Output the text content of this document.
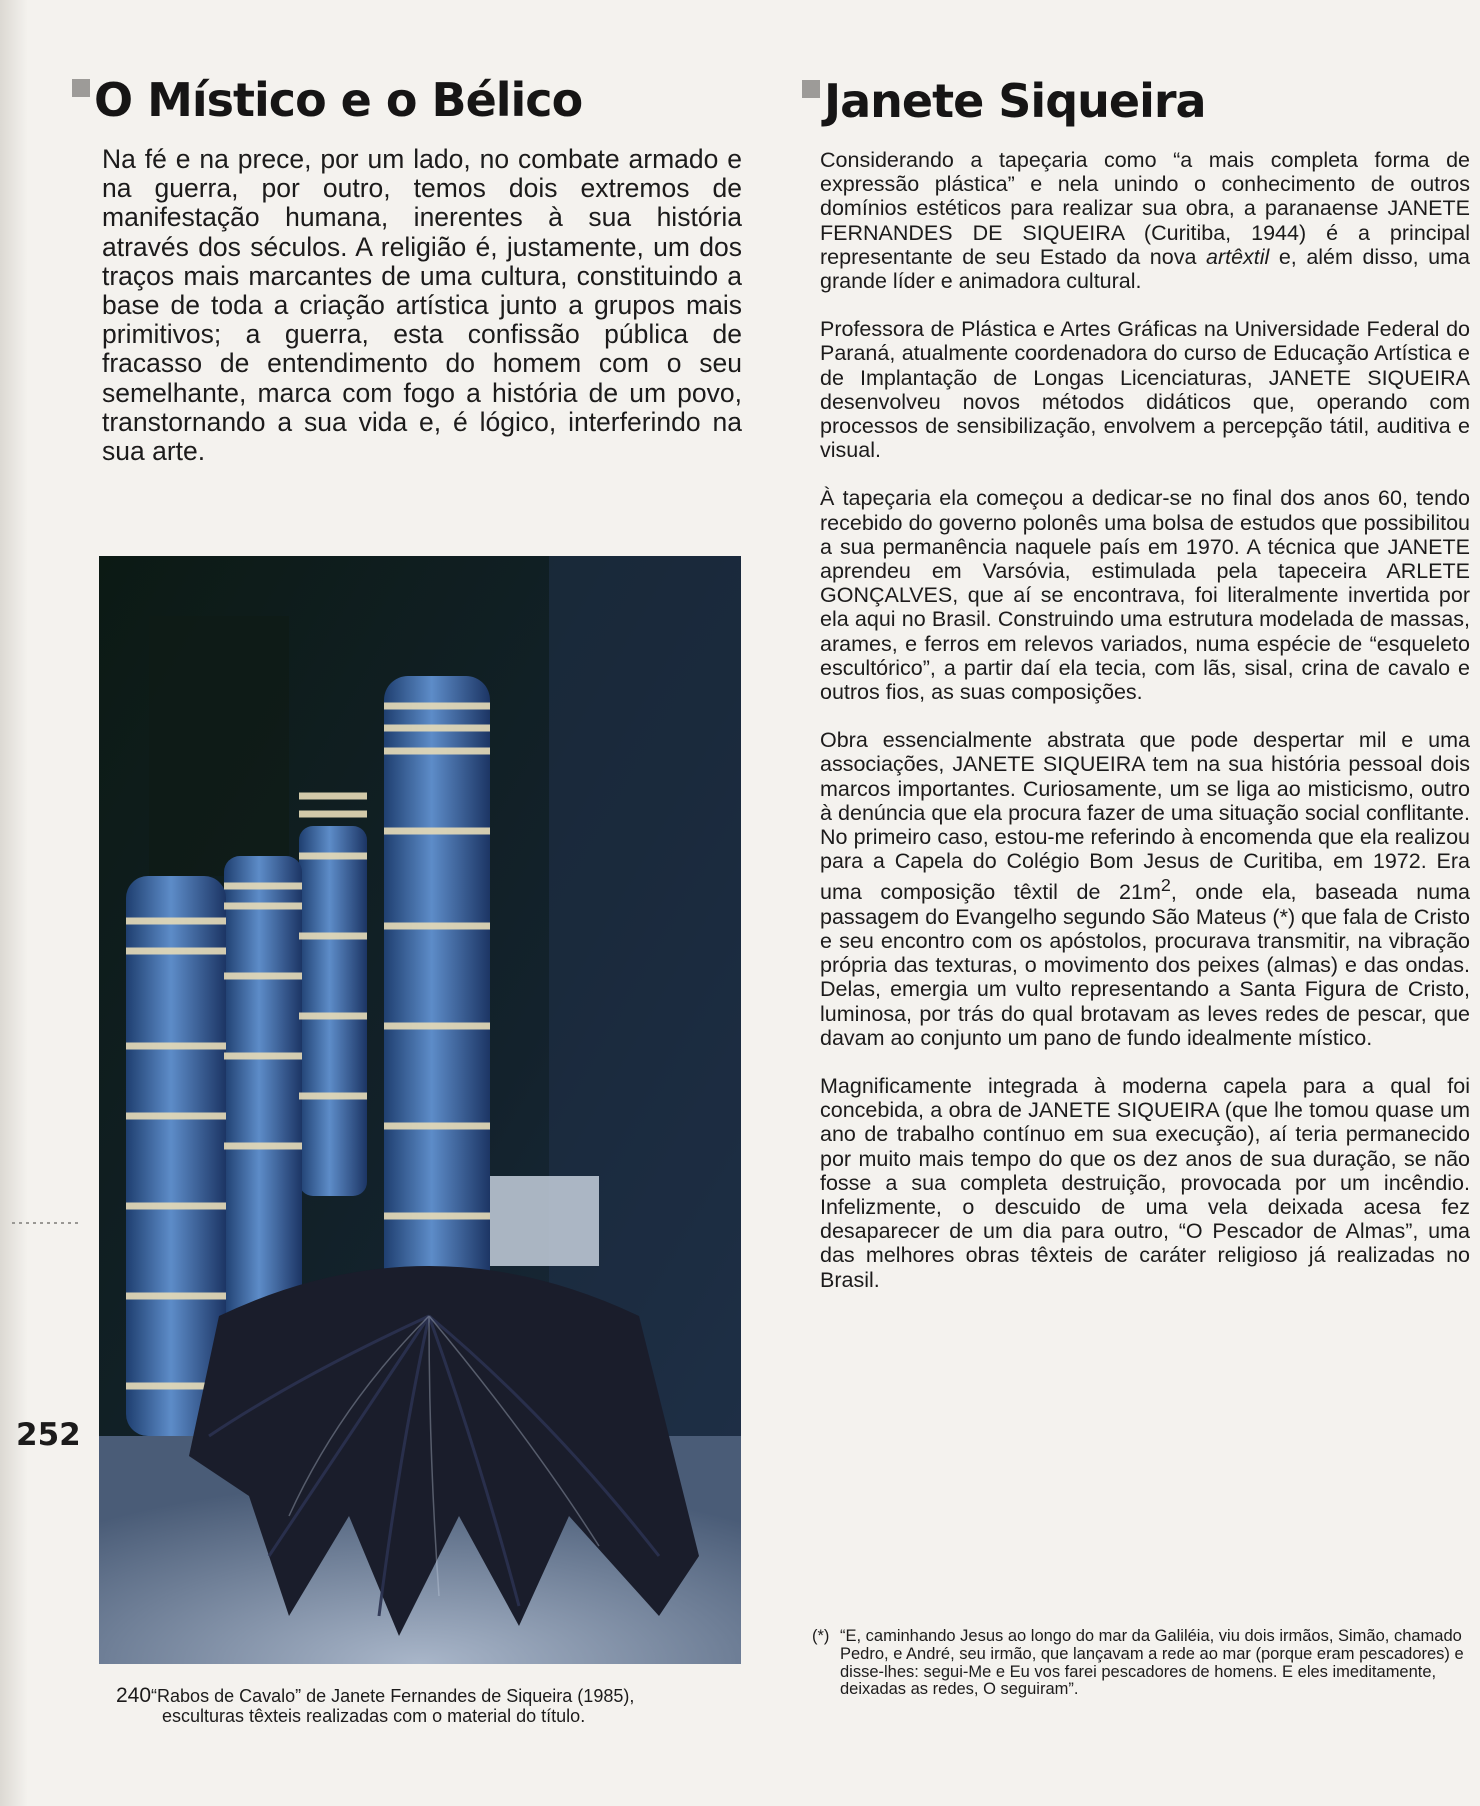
O Místico e o Bélico
Na fé e na prece, por um lado, no combate armado e na guerra, por outro, temos dois extremos de manifestação humana, inerentes à sua história através dos séculos. A religião é, justamente, um dos traços mais marcantes de uma cultura, constituindo a base de toda a criação artística junto a grupos mais primitivos; a guerra, esta confissão pública de fracasso de entendimento do homem com o seu semelhante, marca com fogo a história de um povo, transtornando a sua vida e, é lógico, interferindo na sua arte.
240“Rabos de Cavalo” de Janete Fernandes de Siqueira (1985),
esculturas têxteis realizadas com o material do título.

252

Janete Siqueira

Considerando a tapeçaria como “a mais completa forma de expressão plástica” e nela unindo o conhecimento de outros domínios estéticos para realizar sua obra, a paranaense JANETE FERNANDES DE SIQUEIRA (Curitiba, 1944) é a principal representante de seu Estado da nova artêxtil e, além disso, uma grande líder e animadora cultural.

Professora de Plástica e Artes Gráficas na Universidade Federal do Paraná, atualmente coordenadora do curso de Educação Artística e de Implantação de Longas Licenciaturas, JANETE SIQUEIRA desenvolveu novos métodos didáticos que, operando com processos de sensibilização, envolvem a percepção tátil, auditiva e visual.

À tapeçaria ela começou a dedicar-se no final dos anos 60, tendo recebido do governo polonês uma bolsa de estudos que possibilitou a sua permanência naquele país em 1970. A técnica que JANETE aprendeu em Varsóvia, estimulada pela tapeceira ARLETE GONÇALVES, que aí se encontrava, foi literalmente invertida por ela aqui no Brasil. Construindo uma estrutura modelada de massas, arames, e ferros em relevos variados, numa espécie de “esqueleto escultórico”, a partir daí ela tecia, com lãs, sisal, crina de cavalo e outros fios, as suas composições.

Obra essencialmente abstrata que pode despertar mil e uma associações, JANETE SIQUEIRA tem na sua história pessoal dois marcos importantes. Curiosamente, um se liga ao misticismo, outro à denúncia que ela procura fazer de uma situação social conflitante. No primeiro caso, estou-me referindo à encomenda que ela realizou para a Capela do Colégio Bom Jesus de Curitiba, em 1972. Era uma composição têxtil de $21m^2$, onde ela, baseada numa passagem do Evangelho segundo São Mateus (*) que fala de Cristo e seu encontro com os apóstolos, procurava transmitir, na vibração própria das texturas, o movimento dos peixes (almas) e das ondas. Delas, emergia um vulto representando a Santa Figura de Cristo, luminosa, por trás do qual brotavam as leves redes de pescar, que davam ao conjunto um pano de fundo idealmente místico.

Magnificamente integrada à moderna capela para a qual foi concebida, a obra de JANETE SIQUEIRA (que lhe tomou quase um ano de trabalho contínuo em sua execução), aí teria permanecido por muito mais tempo do que os dez anos de sua duração, se não fosse a sua completa destruição, provocada por um incêndio. Infelizmente, o descuido de uma vela deixada acesa fez desaparecer de um dia para outro, “O Pescador de Almas”, uma das melhores obras têxteis de caráter religioso já realizadas no Brasil.

(*) “E, caminhando Jesus ao longo do mar da Galiléia, viu dois irmãos, Simão, chamado Pedro, e André, seu irmão, que lançavam a rede ao mar (porque eram pescadores) e disse-lhes: segui-Me e Eu vos farei pescadores de homens. E eles imeditamente, deixadas as redes, O seguiram”.
